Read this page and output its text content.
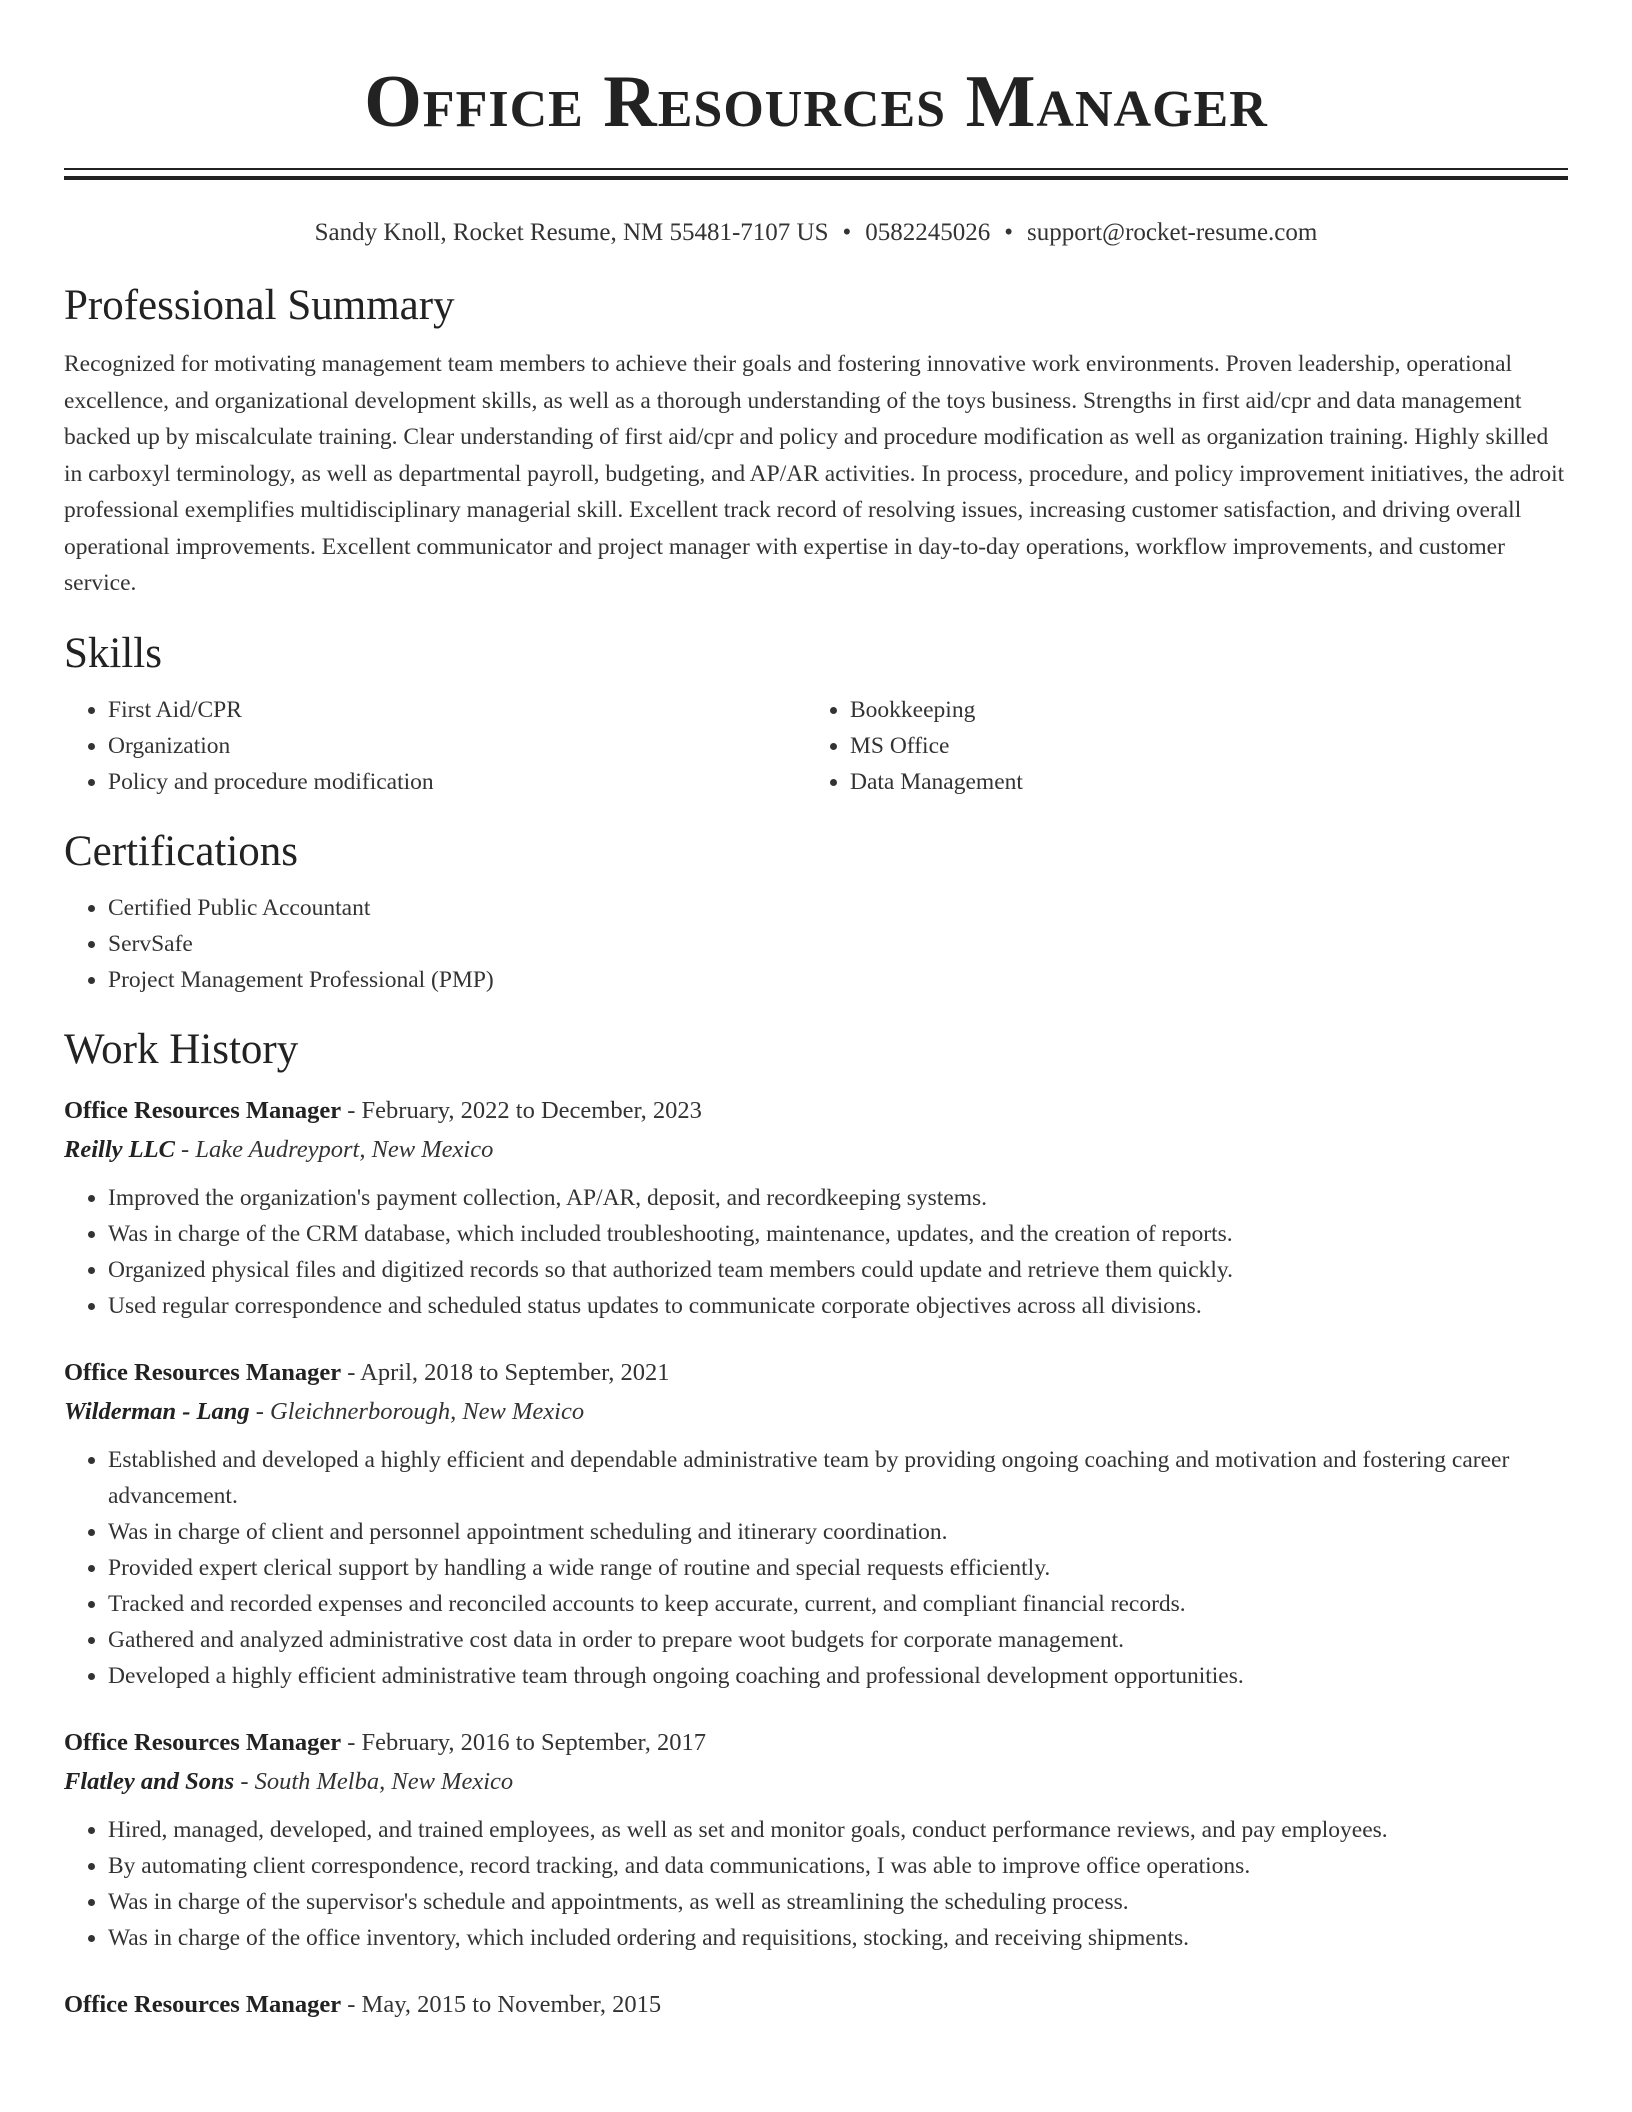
Office Resources Manager
Sandy Knoll, Rocket Resume, NM 55481-7107 US • 0582245026 • support@rocket-resume.com
Professional Summary
Recognized for motivating management team members to achieve their goals and fostering innovative work environments. Proven leadership, operational excellence, and organizational development skills, as well as a thorough understanding of the toys business. Strengths in first aid/cpr and data management backed up by miscalculate training. Clear understanding of first aid/cpr and policy and procedure modification as well as organization training. Highly skilled in carboxyl terminology, as well as departmental payroll, budgeting, and AP/AR activities. In process, procedure, and policy improvement initiatives, the adroit professional exemplifies multidisciplinary managerial skill. Excellent track record of resolving issues, increasing customer satisfaction, and driving overall operational improvements. Excellent communicator and project manager with expertise in day-to-day operations, workflow improvements, and customer service.
Skills
• First Aid/CPR
• Organization
• Policy and procedure modification
• Bookkeeping
• MS Office
• Data Management
Certifications
• Certified Public Accountant
• ServSafe
• Project Management Professional (PMP)
Work History
Office Resources Manager - February, 2022 to December, 2023
Reilly LLC - Lake Audreyport, New Mexico
• Improved the organization's payment collection, AP/AR, deposit, and recordkeeping systems.
• Was in charge of the CRM database, which included troubleshooting, maintenance, updates, and the creation of reports.
• Organized physical files and digitized records so that authorized team members could update and retrieve them quickly.
• Used regular correspondence and scheduled status updates to communicate corporate objectives across all divisions.
Office Resources Manager - April, 2018 to September, 2021
Wilderman - Lang - Gleichnerborough, New Mexico
• Established and developed a highly efficient and dependable administrative team by providing ongoing coaching and motivation and fostering career advancement.
• Was in charge of client and personnel appointment scheduling and itinerary coordination.
• Provided expert clerical support by handling a wide range of routine and special requests efficiently.
• Tracked and recorded expenses and reconciled accounts to keep accurate, current, and compliant financial records.
• Gathered and analyzed administrative cost data in order to prepare woot budgets for corporate management.
• Developed a highly efficient administrative team through ongoing coaching and professional development opportunities.
Office Resources Manager - February, 2016 to September, 2017
Flatley and Sons - South Melba, New Mexico
• Hired, managed, developed, and trained employees, as well as set and monitor goals, conduct performance reviews, and pay employees.
• By automating client correspondence, record tracking, and data communications, I was able to improve office operations.
• Was in charge of the supervisor's schedule and appointments, as well as streamlining the scheduling process.
• Was in charge of the office inventory, which included ordering and requisitions, stocking, and receiving shipments.
Office Resources Manager - May, 2015 to November, 2015
